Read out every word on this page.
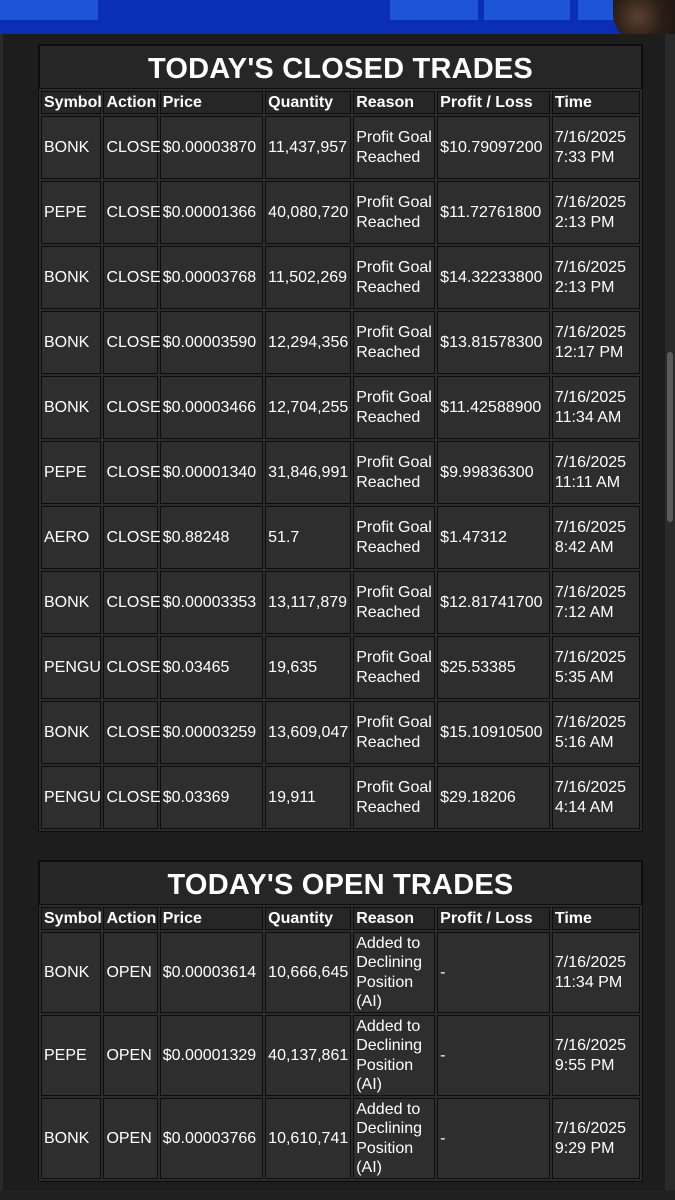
TODAY'S CLOSED TRADES
Symbol	Action	Price	Quantity	Reason	Profit / Loss	Time
BONK	CLOSE	$0.00003870	11,437,957	Profit Goal Reached	$10.79097200	7/16/2025
7:33 PM

PEPE	CLOSE	$0.00001366	40,080,720	Profit Goal Reached	$11.72761800	7/16/2025
2:13 PM

BONK	CLOSE	$0.00003768	11,502,269	Profit Goal Reached	$14.32233800	7/16/2025
2:13 PM

BONK	CLOSE	$0.00003590	12,294,356	Profit Goal Reached	$13.81578300	7/16/2025
12:17 PM

BONK	CLOSE	$0.00003466	12,704,255	Profit Goal Reached	$11.42588900	7/16/2025
11:34 AM

PEPE	CLOSE	$0.00001340	31,846,991	Profit Goal Reached	$9.99836300	7/16/2025
11:11 AM

AERO	CLOSE	$0.88248	51.7	Profit Goal Reached	$1.47312	7/16/2025
8:42 AM

BONK	CLOSE	$0.00003353	13,117,879	Profit Goal Reached	$12.81741700	7/16/2025
7:12 AM

PENGU	CLOSE	$0.03465	19,635	Profit Goal Reached	$25.53385	7/16/2025
5:35 AM

BONK	CLOSE	$0.00003259	13,609,047	Profit Goal Reached	$15.10910500	7/16/2025
5:16 AM

PENGU	CLOSE	$0.03369	19,911	Profit Goal Reached	$29.18206	7/16/2025
4:14 AM
TODAY'S OPEN TRADES
Symbol	Action	Price	Quantity	Reason	Profit / Loss	Time
BONK	OPEN	$0.00003614	10,666,645	Added to Declining Position (AI)	-	7/16/2025
11:34 PM

PEPE	OPEN	$0.00001329	40,137,861	Added to Declining Position (AI)	-	7/16/2025
9:55 PM

BONK	OPEN	$0.00003766	10,610,741	Added to Declining Position (AI)	-	7/16/2025
9:29 PM
